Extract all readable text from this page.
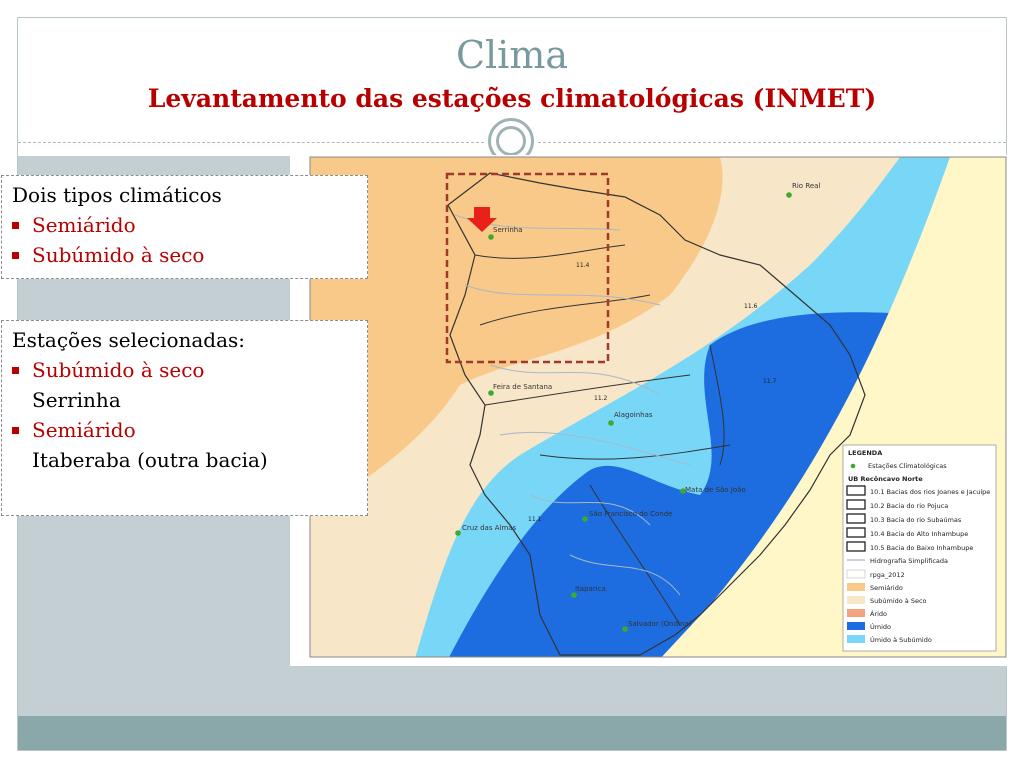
Clima
Levantamento das estações climatológicas (INMET)
Rio Real
Serrinha
Feira de Santana
Alagoinhas
Mata de São João
São Francisco do Conde
Cruz das Almas
Salvador (Ondina)
Itaparica
11.4
11.6
11.7
11.2
11.1
LEGENDA
Estações Climatológicas
UB Recôncavo Norte
10.1 Bacias dos rios Joanes e Jacuípe
10.2 Bacia do rio Pojuca
10.3 Bacia do rio Subaúmas
10.4 Bacia do Alto Inhambupe
10.5 Bacia do Baixo Inhambupe
Hidrografia Simplificada
rpga_2012
Semiárido
Subúmido à Seco
Árido
Úmido
Úmido à Subúmido
Dois tipos climáticos
Semiárido
Subúmido à seco
Estações selecionadas:
Subúmido à seco
Serrinha
Semiárido
Itaberaba (outra bacia)
